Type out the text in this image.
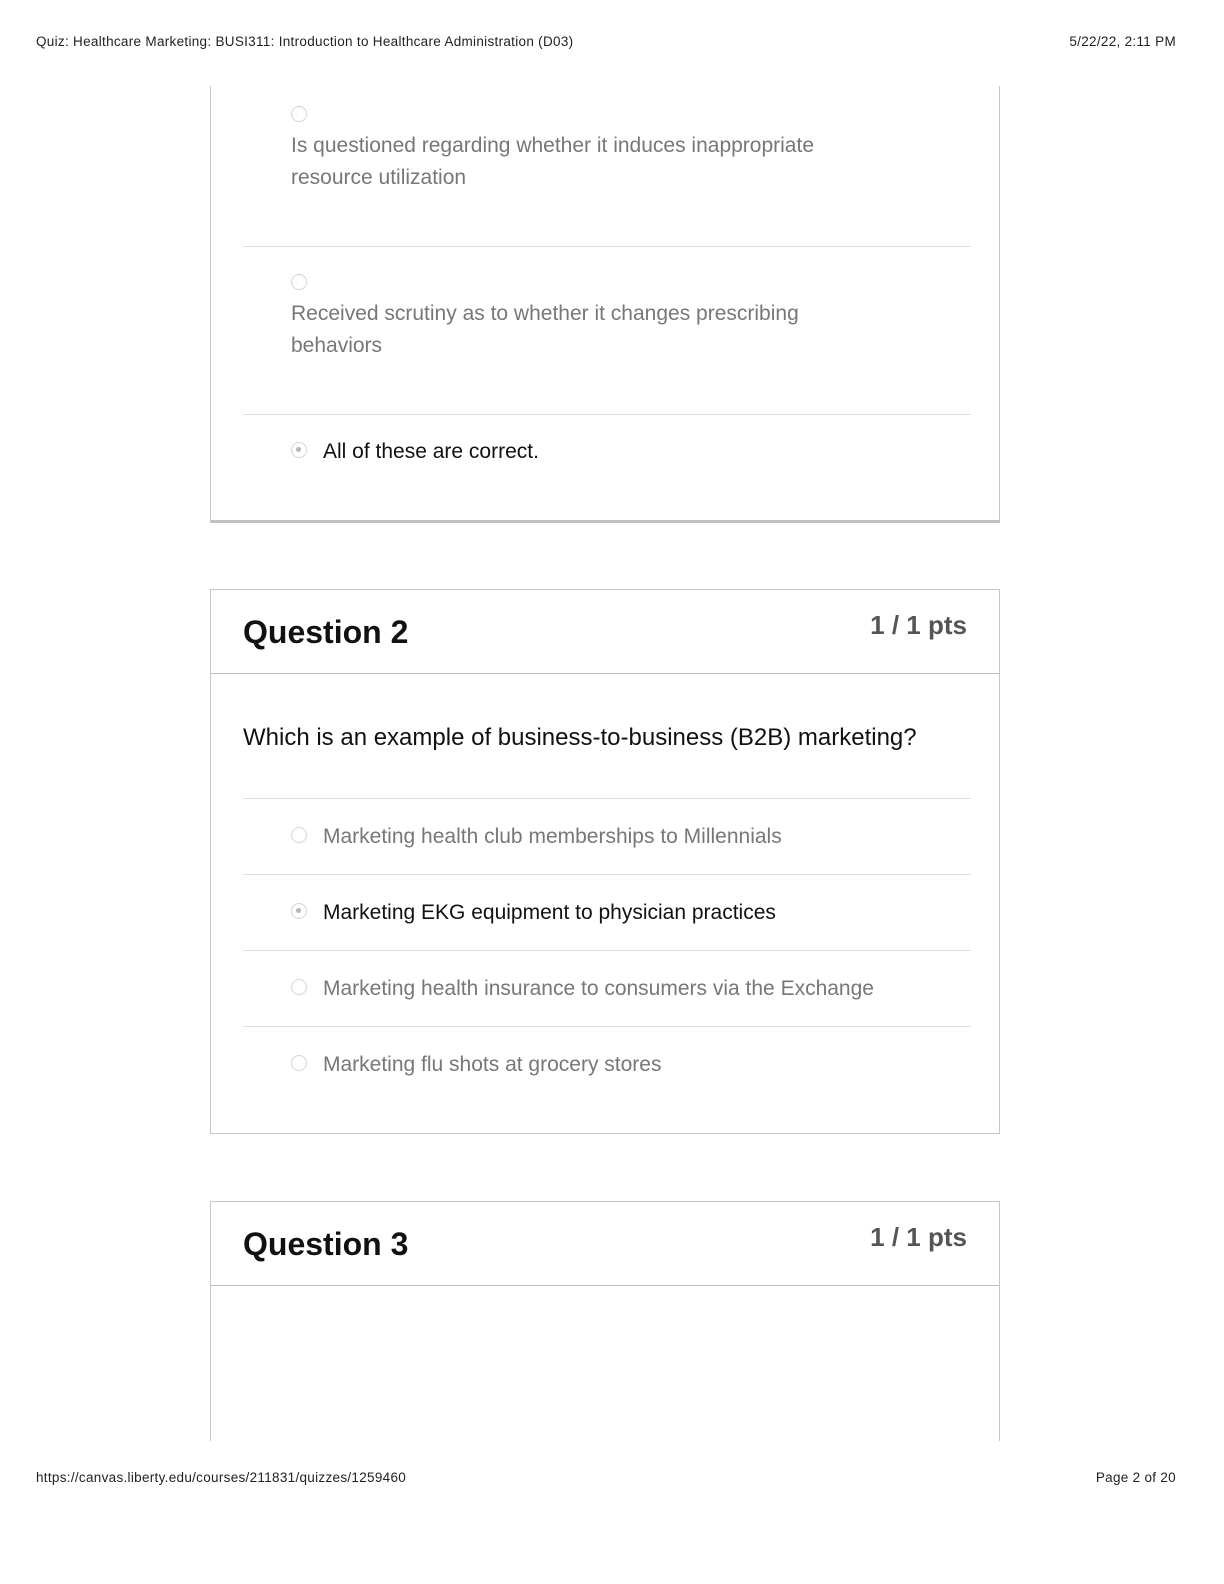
Quiz: Healthcare Marketing: BUSI311: Introduction to Healthcare Administration (D03)	5/22/22, 2:11 PM
Is questioned regarding whether it induces inappropriate
resource utilization
Received scrutiny as to whether it changes prescribing
behaviors
All of these are correct.
Question 2	1 / 1 pts
Which is an example of business-to-business (B2B) marketing?
Marketing health club memberships to Millennials
Marketing EKG equipment to physician practices
Marketing health insurance to consumers via the Exchange
Marketing flu shots at grocery stores
Question 3	1 / 1 pts
https://canvas.liberty.edu/courses/211831/quizzes/1259460	Page 2 of 20
